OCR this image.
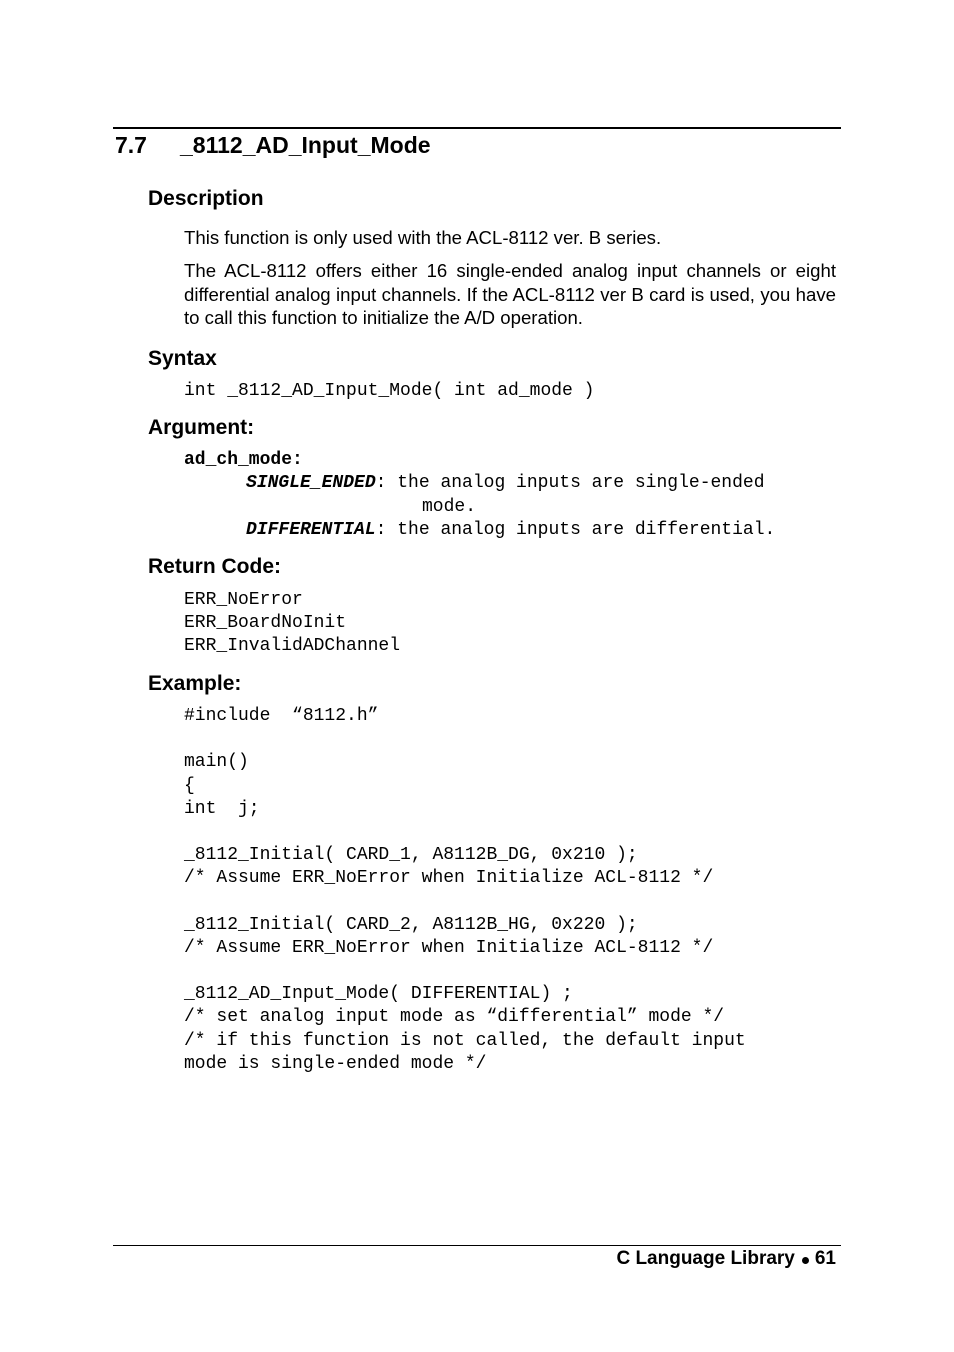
7.7 _8112_AD_Input_Mode
Description

This function is only used with the ACL-8112 ver. B series.

The ACL-8112 offers either 16 single-ended analog input channels or eight differential analog input channels. If the ACL-8112 ver B card is used, you have to call this function to initialize the A/D operation.

Syntax
int _8112_AD_Input_Mode( int ad_mode )
Argument:
ad_ch_mode:
SINGLE_ENDED: the analog inputs are single-ended
mode.
DIFFERENTIAL: the analog inputs are differential.
Return Code:
ERR_NoError
ERR_BoardNoInit
ERR_InvalidADChannel
Example:
#include  “8112.h”

main()
{
int  j;

_8112_Initial( CARD_1, A8112B_DG, 0x210 );
/* Assume ERR_NoError when Initialize ACL-8112 */

_8112_Initial( CARD_2, A8112B_HG, 0x220 );
/* Assume ERR_NoError when Initialize ACL-8112 */

_8112_AD_Input_Mode( DIFFERENTIAL) ;
/* set analog input mode as “differential” mode */
/* if this function is not called, the default input
mode is single-ended mode */
C Language Library 61
